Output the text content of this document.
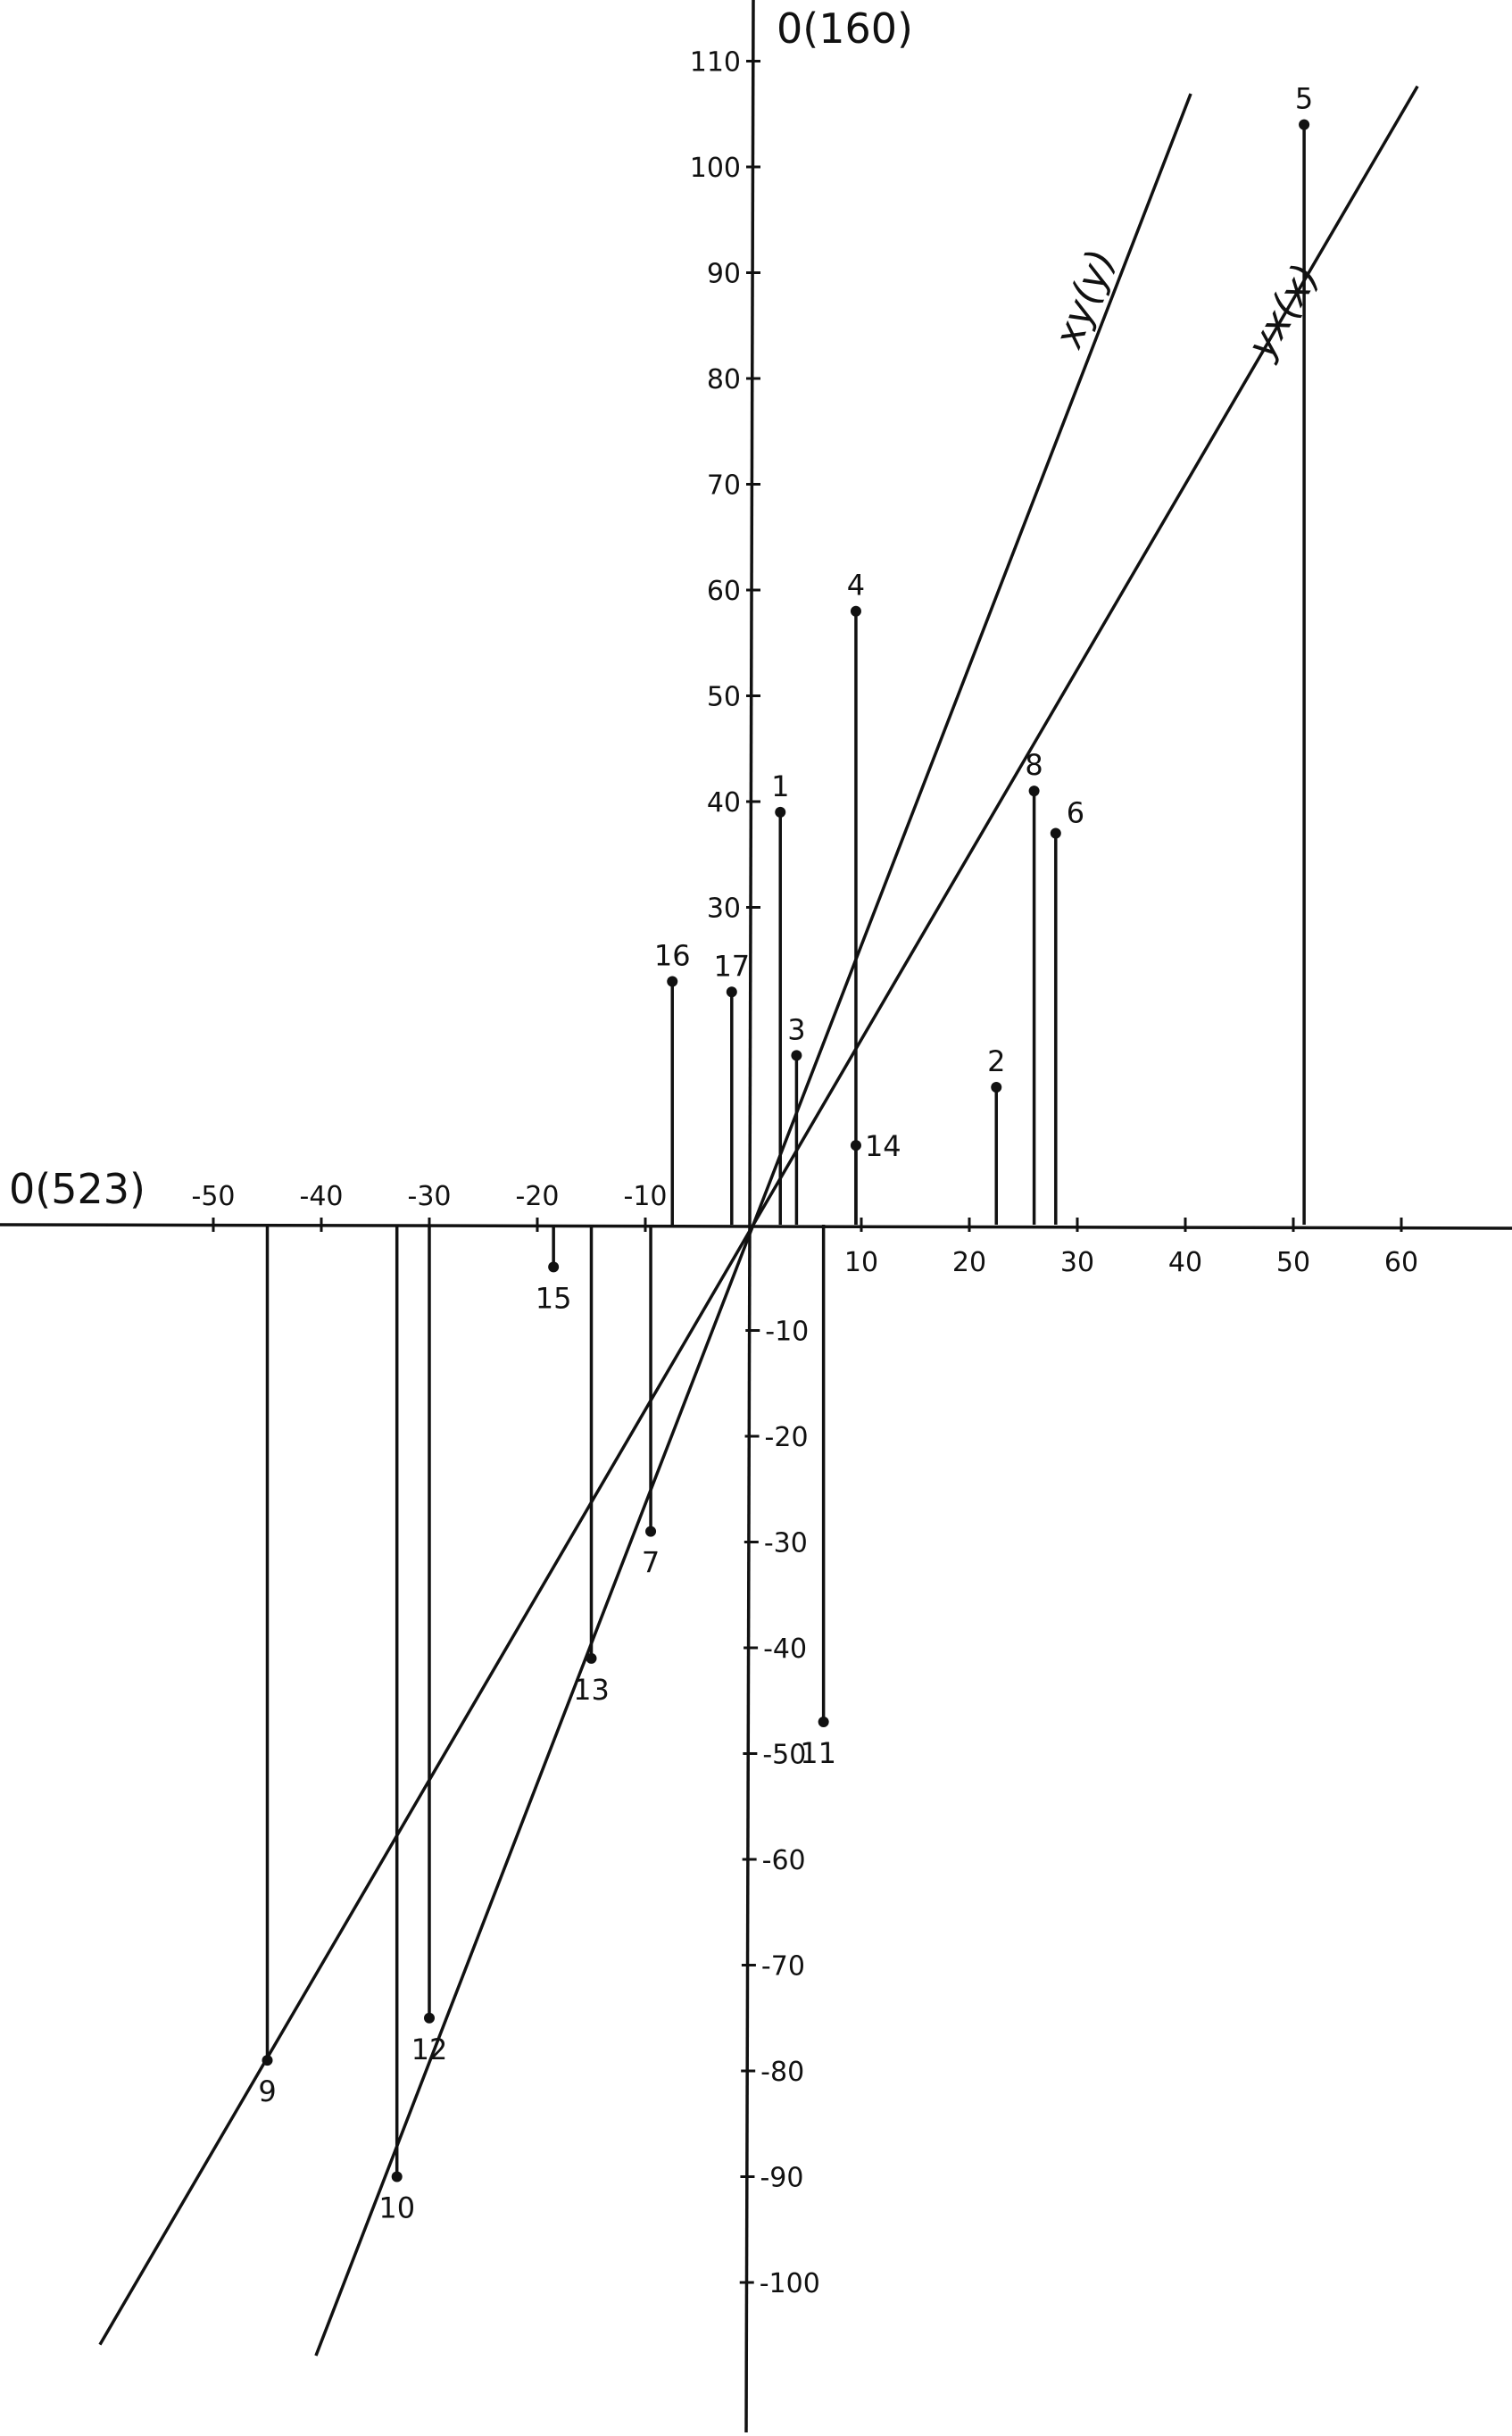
xy(y)	yx(x)
1
2
3
4
5
6
8
7
9
10
11
12
13
14
15
16 17
-50 -40 -30 -20 -10
10	20	30	40	50	60
110
100
90
80
70
60
50
40
30
-10
-20
-30
-40
-50
-60
-70
-80
-90
-100
0(523)
0(160)
